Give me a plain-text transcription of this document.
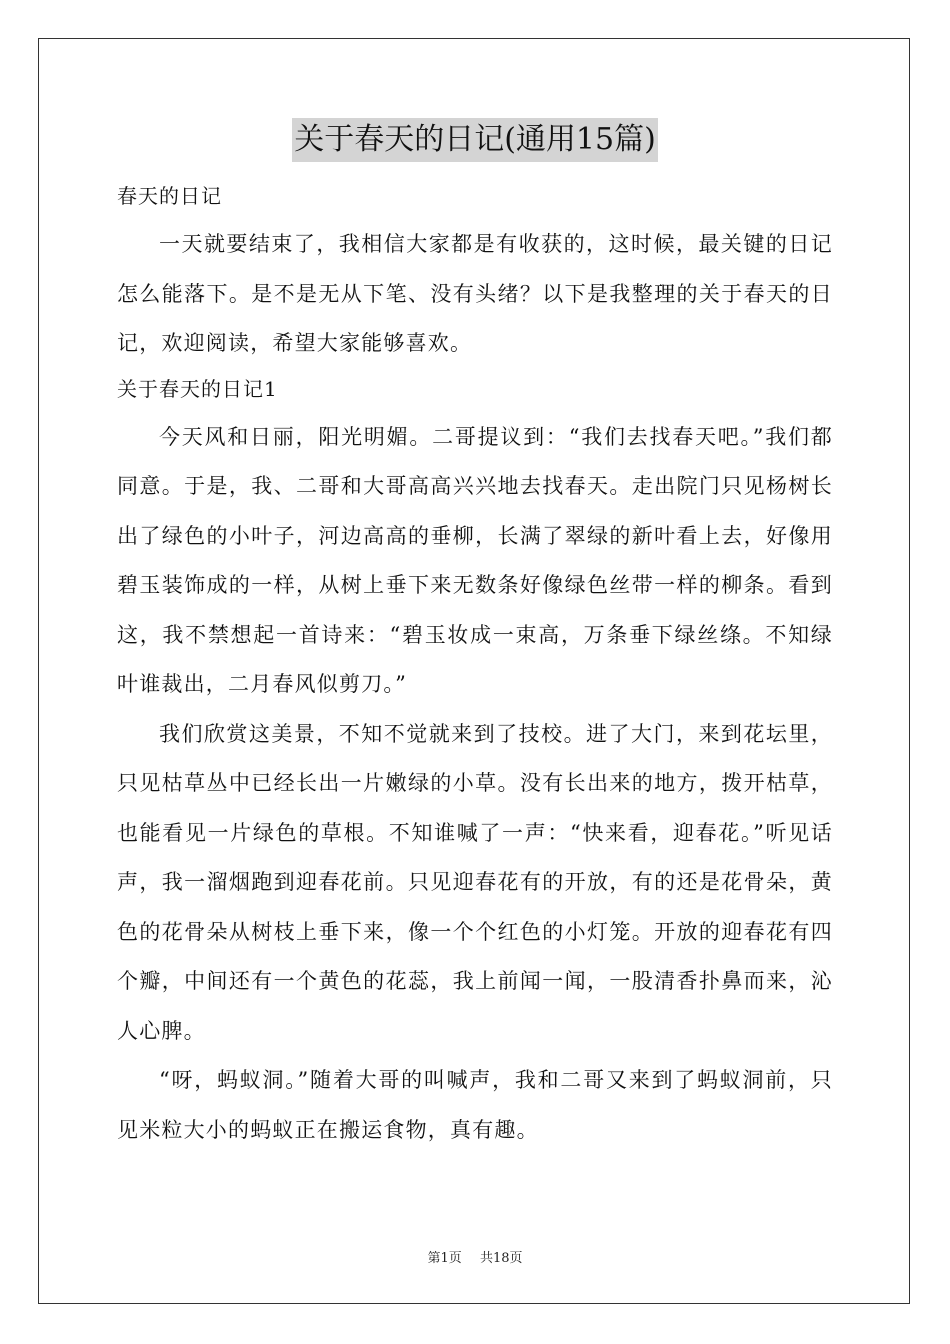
关于春天的日记(通用15篇)
春天的日记

一天就要结束了，我相信大家都是有收获的，这时候，最关键的日记怎么能落下。是不是无从下笔、没有头绪？以下是我整理的关于春天的日记，欢迎阅读，希望大家能够喜欢。

关于春天的日记1

今天风和日丽，阳光明媚。二哥提议到：“我们去找春天吧。”我们都同意。于是，我、二哥和大哥高高兴兴地去找春天。走出院门只见杨树长出了绿色的小叶子，河边高高的垂柳，长满了翠绿的新叶看上去，好像用碧玉装饰成的一样，从树上垂下来无数条好像绿色丝带一样的柳条。看到这，我不禁想起一首诗来：“碧玉妆成一束高，万条垂下绿丝绦。不知绿叶谁裁出，二月春风似剪刀。”

我们欣赏这美景，不知不觉就来到了技校。进了大门，来到花坛里，只见枯草丛中已经长出一片嫩绿的小草。没有长出来的地方，拨开枯草，也能看见一片绿色的草根。不知谁喊了一声：“快来看，迎春花。”听见话声，我一溜烟跑到迎春花前。只见迎春花有的开放，有的还是花骨朵，黄色的花骨朵从树枝上垂下来，像一个个红色的小灯笼。开放的迎春花有四个瓣，中间还有一个黄色的花蕊，我上前闻一闻，一股清香扑鼻而来，沁人心脾。

“呀，蚂蚁洞。”随着大哥的叫喊声，我和二哥又来到了蚂蚁洞前，只见米粒大小的蚂蚁正在搬运食物，真有趣。

第1页 共18页
